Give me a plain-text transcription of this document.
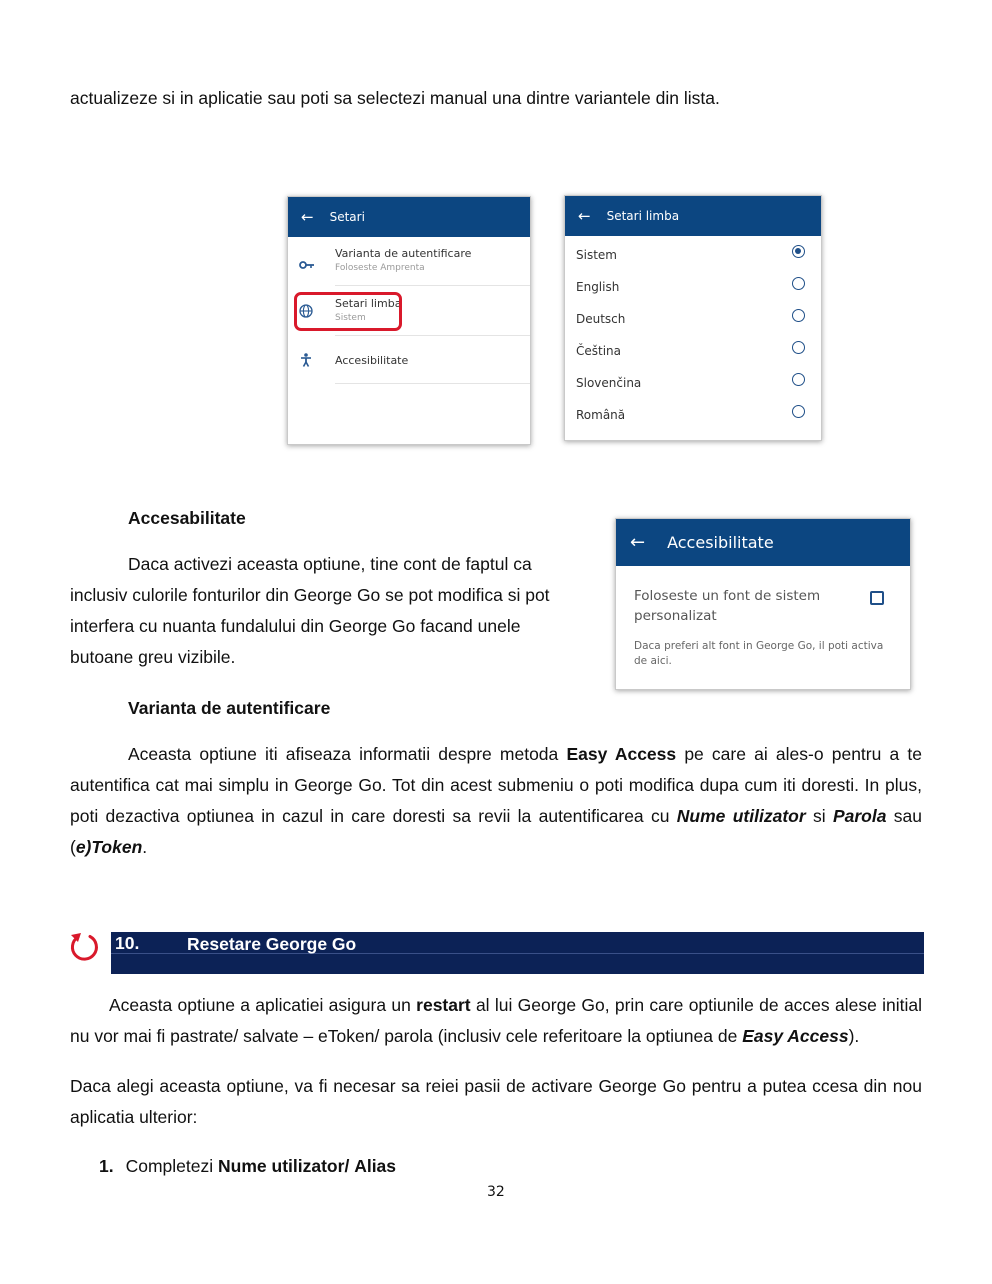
actualizeze si in aplicatie sau poti sa selectezi manual una dintre variantele din lista.
← Setari
Varianta de autentificare
Foloseste Amprenta
Setari limba
Sistem
Accesibilitate
← Setari limba
Sistem
English
Deutsch
Čeština
Slovenčina
Română
Accesabilitate
Daca activezi aceasta optiune, tine cont de faptul ca inclusiv culorile fonturilor din George Go se pot modifica si pot interfera cu nuanta fundalului din George Go facand unele butoane greu vizibile.
← Accesibilitate
Foloseste un font de sistem personalizat
Daca preferi alt font in George Go, il poti activa de aici.
Varianta de autentificare
Aceasta optiune iti afiseaza informatii despre metoda Easy Access pe care ai ales-o pentru a te autentifica cat mai simplu in George Go. Tot din acest submeniu o poti modifica dupa cum iti doresti. In plus, poti dezactiva optiunea in cazul in care doresti sa revii la autentificarea cu Nume utilizator si Parola sau (e)Token.
10.	Resetare George Go
Aceasta optiune a aplicatiei asigura un restart al lui George Go, prin care optiunile de acces alese initial nu vor mai fi pastrate/ salvate – eToken/ parola (inclusiv cele referitoare la optiunea de Easy Access).
Daca alegi aceasta optiune, va fi necesar sa reiei pasii de activare George Go pentru a putea ccesa din nou aplicatia ulterior:
1. Completezi Nume utilizator/ Alias
32
